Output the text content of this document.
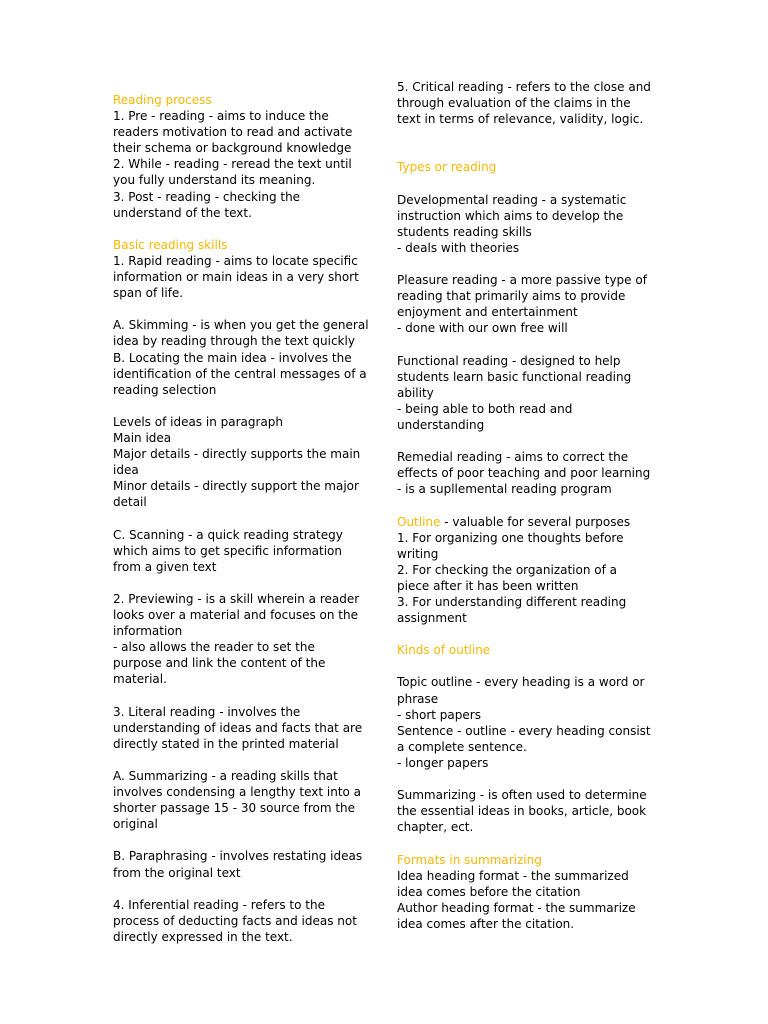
Reading process
1. Pre - reading - aims to induce the
readers motivation to read and activate
their schema or background knowledge
2. While - reading - reread the text until
you fully understand its meaning.
3. Post - reading - checking the
understand of the text.
Basic reading skills
1. Rapid reading - aims to locate specific
information or main ideas in a very short
span of life.
A. Skimming - is when you get the general
idea by reading through the text quickly
B. Locating the main idea - involves the
identification of the central messages of a
reading selection
Levels of ideas in paragraph
Main idea
Major details - directly supports the main
idea
Minor details - directly support the major
detail
C. Scanning - a quick reading strategy
which aims to get specific information
from a given text
2. Previewing - is a skill wherein a reader
looks over a material and focuses on the
information
- also allows the reader to set the
purpose and link the content of the
material.
3. Literal reading - involves the
understanding of ideas and facts that are
directly stated in the printed material
A. Summarizing - a reading skills that
involves condensing a lengthy text into a
shorter passage 15 - 30 source from the
original
B. Paraphrasing - involves restating ideas
from the original text
4. Inferential reading - refers to the
process of deducting facts and ideas not
directly expressed in the text.
5. Critical reading - refers to the close and
through evaluation of the claims in the
text in terms of relevance, validity, logic.
Types or reading
Developmental reading - a systematic
instruction which aims to develop the
students reading skills
- deals with theories
Pleasure reading - a more passive type of
reading that primarily aims to provide
enjoyment and entertainment
- done with our own free will
Functional reading - designed to help
students learn basic functional reading
ability
- being able to both read and
understanding
Remedial reading - aims to correct the
effects of poor teaching and poor learning
- is a supllemental reading program
Outline - valuable for several purposes
1. For organizing one thoughts before
writing
2. For checking the organization of a
piece after it has been written
3. For understanding different reading
assignment
Kinds of outline
Topic outline - every heading is a word or
phrase
- short papers
Sentence - outline - every heading consist
a complete sentence.
- longer papers
Summarizing - is often used to determine
the essential ideas in books, article, book
chapter, ect.
Formats in summarizing
Idea heading format - the summarized
idea comes before the citation
Author heading format - the summarize
idea comes after the citation.
